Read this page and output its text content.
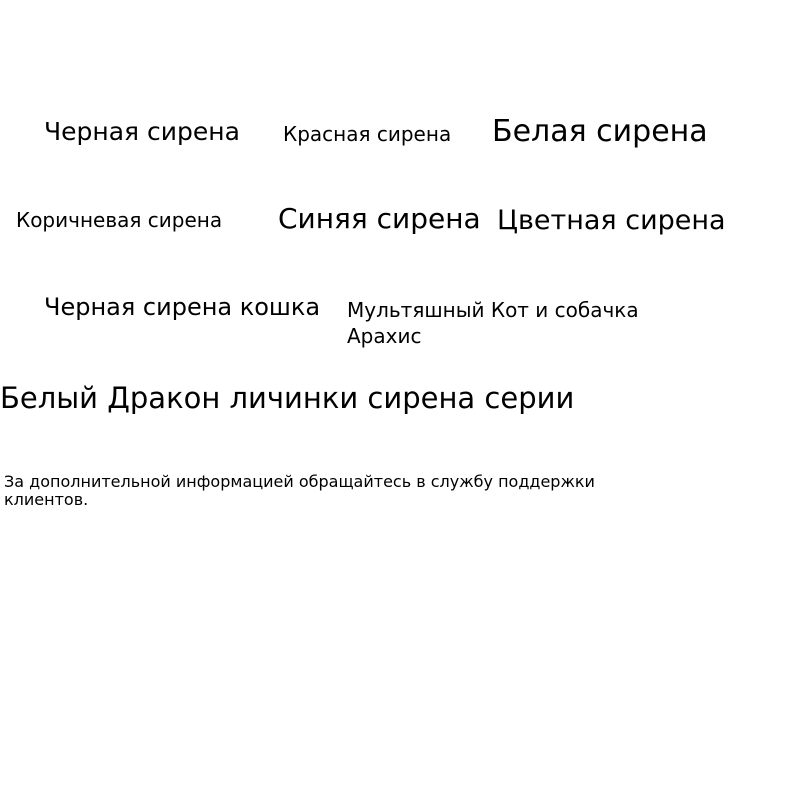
Черная сирена Красная сирена Белая сирена
Коричневая сирена Синяя сирена Цветная сирена
Черная сирена кошка Мультяшный Кот и собачка Арахис
Белый Дракон личинки сирена серии
За дополнительной информацией обращайтесь в службу поддержки клиентов.
